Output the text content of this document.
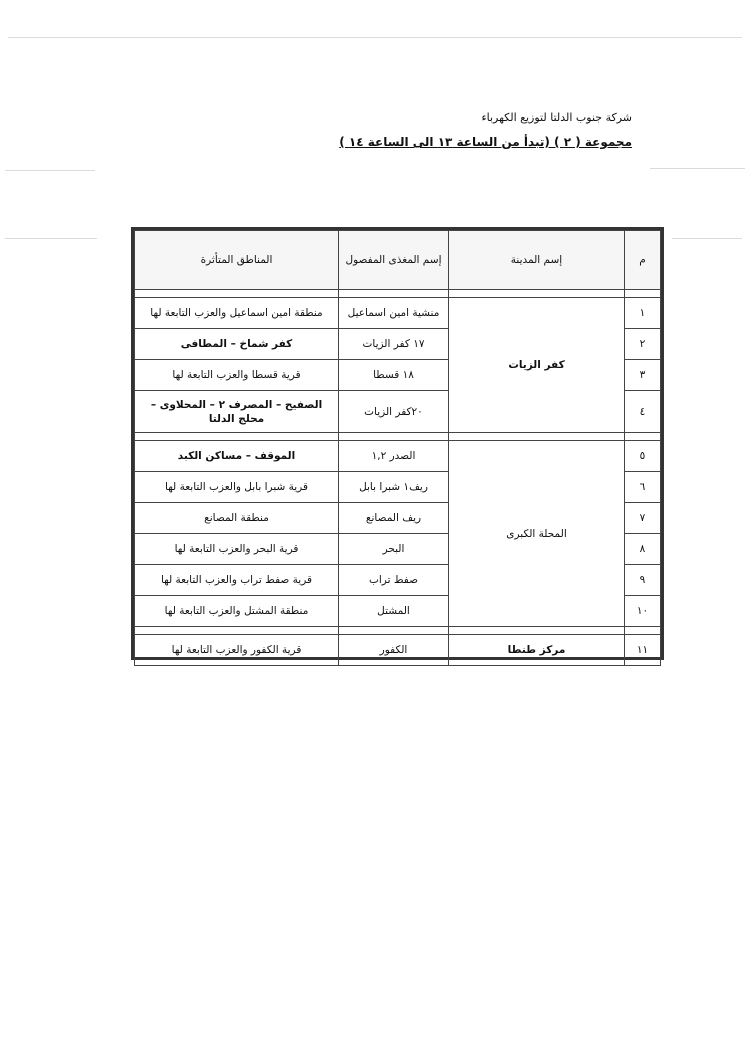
شركة جنوب الدلتا لتوزيع الكهرباء

مجموعة ( ٢ ) (تبدأ من الساعة ١٣ الى الساعة ١٤ )

م	إسم المدينة	إسم المغذى المفصول	المناطق المتأثرة

١	كفر الزيات	منشية امين اسماعيل	منطقة امين اسماعيل والعزب التابعة لها
٢		١٧ كفر الزيات	كفر شماخ – المطافى
٣		١٨ قسطا	قرية قسطا والعزب التابعة لها
٤		٢٠كفر الزيات	الصفيح – المصرف ٢ – المحلاوى – محلج الدلتا

٥	المحلة الكبرى	الصدر ١,٢	الموقف – مساكن الكبد
٦		ريف١ شبرا بابل	قرية شبرا بابل والعزب التابعة لها
٧		ريف المصانع	منطقة المصانع
٨		البحر	قرية البحر والعزب التابعة لها
٩		صفط تراب	قرية صفط تراب والعزب التابعة لها
١٠		المشتل	منطقة المشتل والعزب التابعة لها

١١	مركز طنطا	الكفور	قرية الكفور والعزب التابعة لها
